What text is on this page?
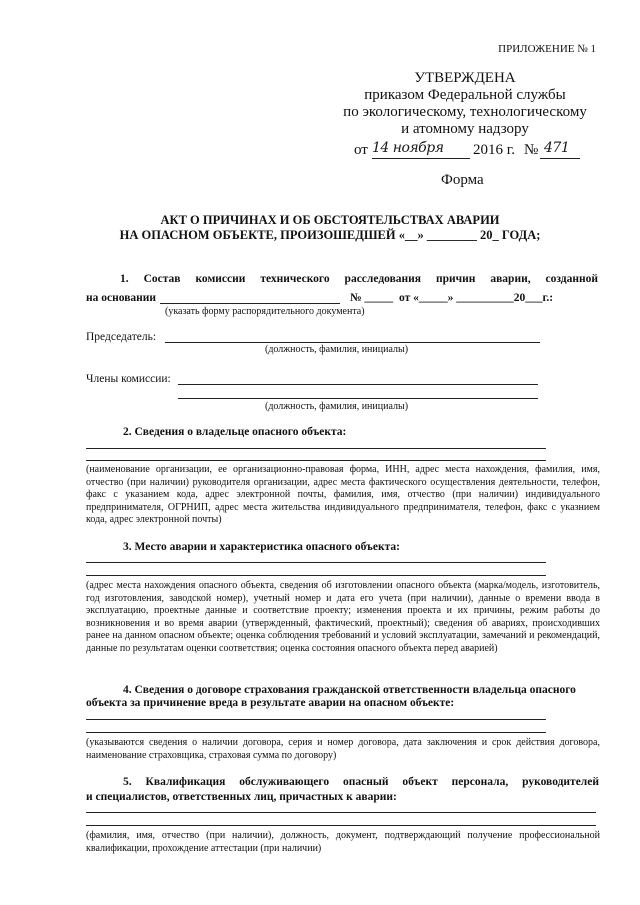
ПРИЛОЖЕНИЕ № 1
УТВЕРЖДЕНА
приказом Федеральной службы
по экологическому, технологическому
и атомному надзору
от 14 ноября 2016 г. № 471
Форма
АКТ О ПРИЧИНАХ И ОБ ОБСТОЯТЕЛЬСТВАХ АВАРИИ
НА ОПАСНОМ ОБЪЕКТЕ, ПРОИЗОШЕДШЕЙ «__» ________ 20_ ГОДА;
1. Состав комиссии технического расследования причин аварии, созданной
на основании	№ _____ от «_____» __________20___г.:
(указать форму распорядительного документа)
Председатель:
(должность, фамилия, инициалы)
Члены комиссии:
(должность, фамилия, инициалы)
2. Сведения о владельце опасного объекта:
(наименование организации, ее организационно-правовая форма, ИНН, адрес места нахождения, фамилия, имя, отчество (при наличии) руководителя организации, адрес места фактического осуществления деятельности, телефон, факс с указанием кода, адрес электронной почты, фамилия, имя, отчество (при наличии) индивидуального предпринимателя, ОГРНИП, адрес места жительства индивидуального предпринимателя, телефон, факс с указнием кода, адрес электронной почты)
3. Место аварии и характеристика опасного объекта:
(адрес места нахождения опасного объекта, сведения об изготовлении опасного объекта (марка/модель, изготовитель, год изготовления, заводской номер), учетный номер и дата его учета (при наличии), данные о времени ввода в эксплуатацию, проектные данные и соответствие проекту; изменения проекта и их причины, режим работы до возникновения и во время аварии (утвержденный, фактический, проектный); сведения об авариях, происходивших ранее на данном опасном объекте; оценка соблюдения требований и условий эксплуатации, замечаний и рекомендаций, данные по результатам оценки соответствия; оценка состояния опасного объекта перед аварией)
4. Сведения о договоре страхования гражданской ответственности владельца опасного
объекта за причинение вреда в результате аварии на опасном объекте:
(указываются сведения о наличии договора, серия и номер договора, дата заключения и срок действия договора, наименование страховщика, страховая сумма по договору)
5. Квалификация обслуживающего опасный объект персонала, руководителей
и специалистов, ответственных лиц, причастных к аварии:
(фамилия, имя, отчество (при наличии), должность, документ, подтверждающий получение профессиональной квалификации, прохождение аттестации (при наличии)
